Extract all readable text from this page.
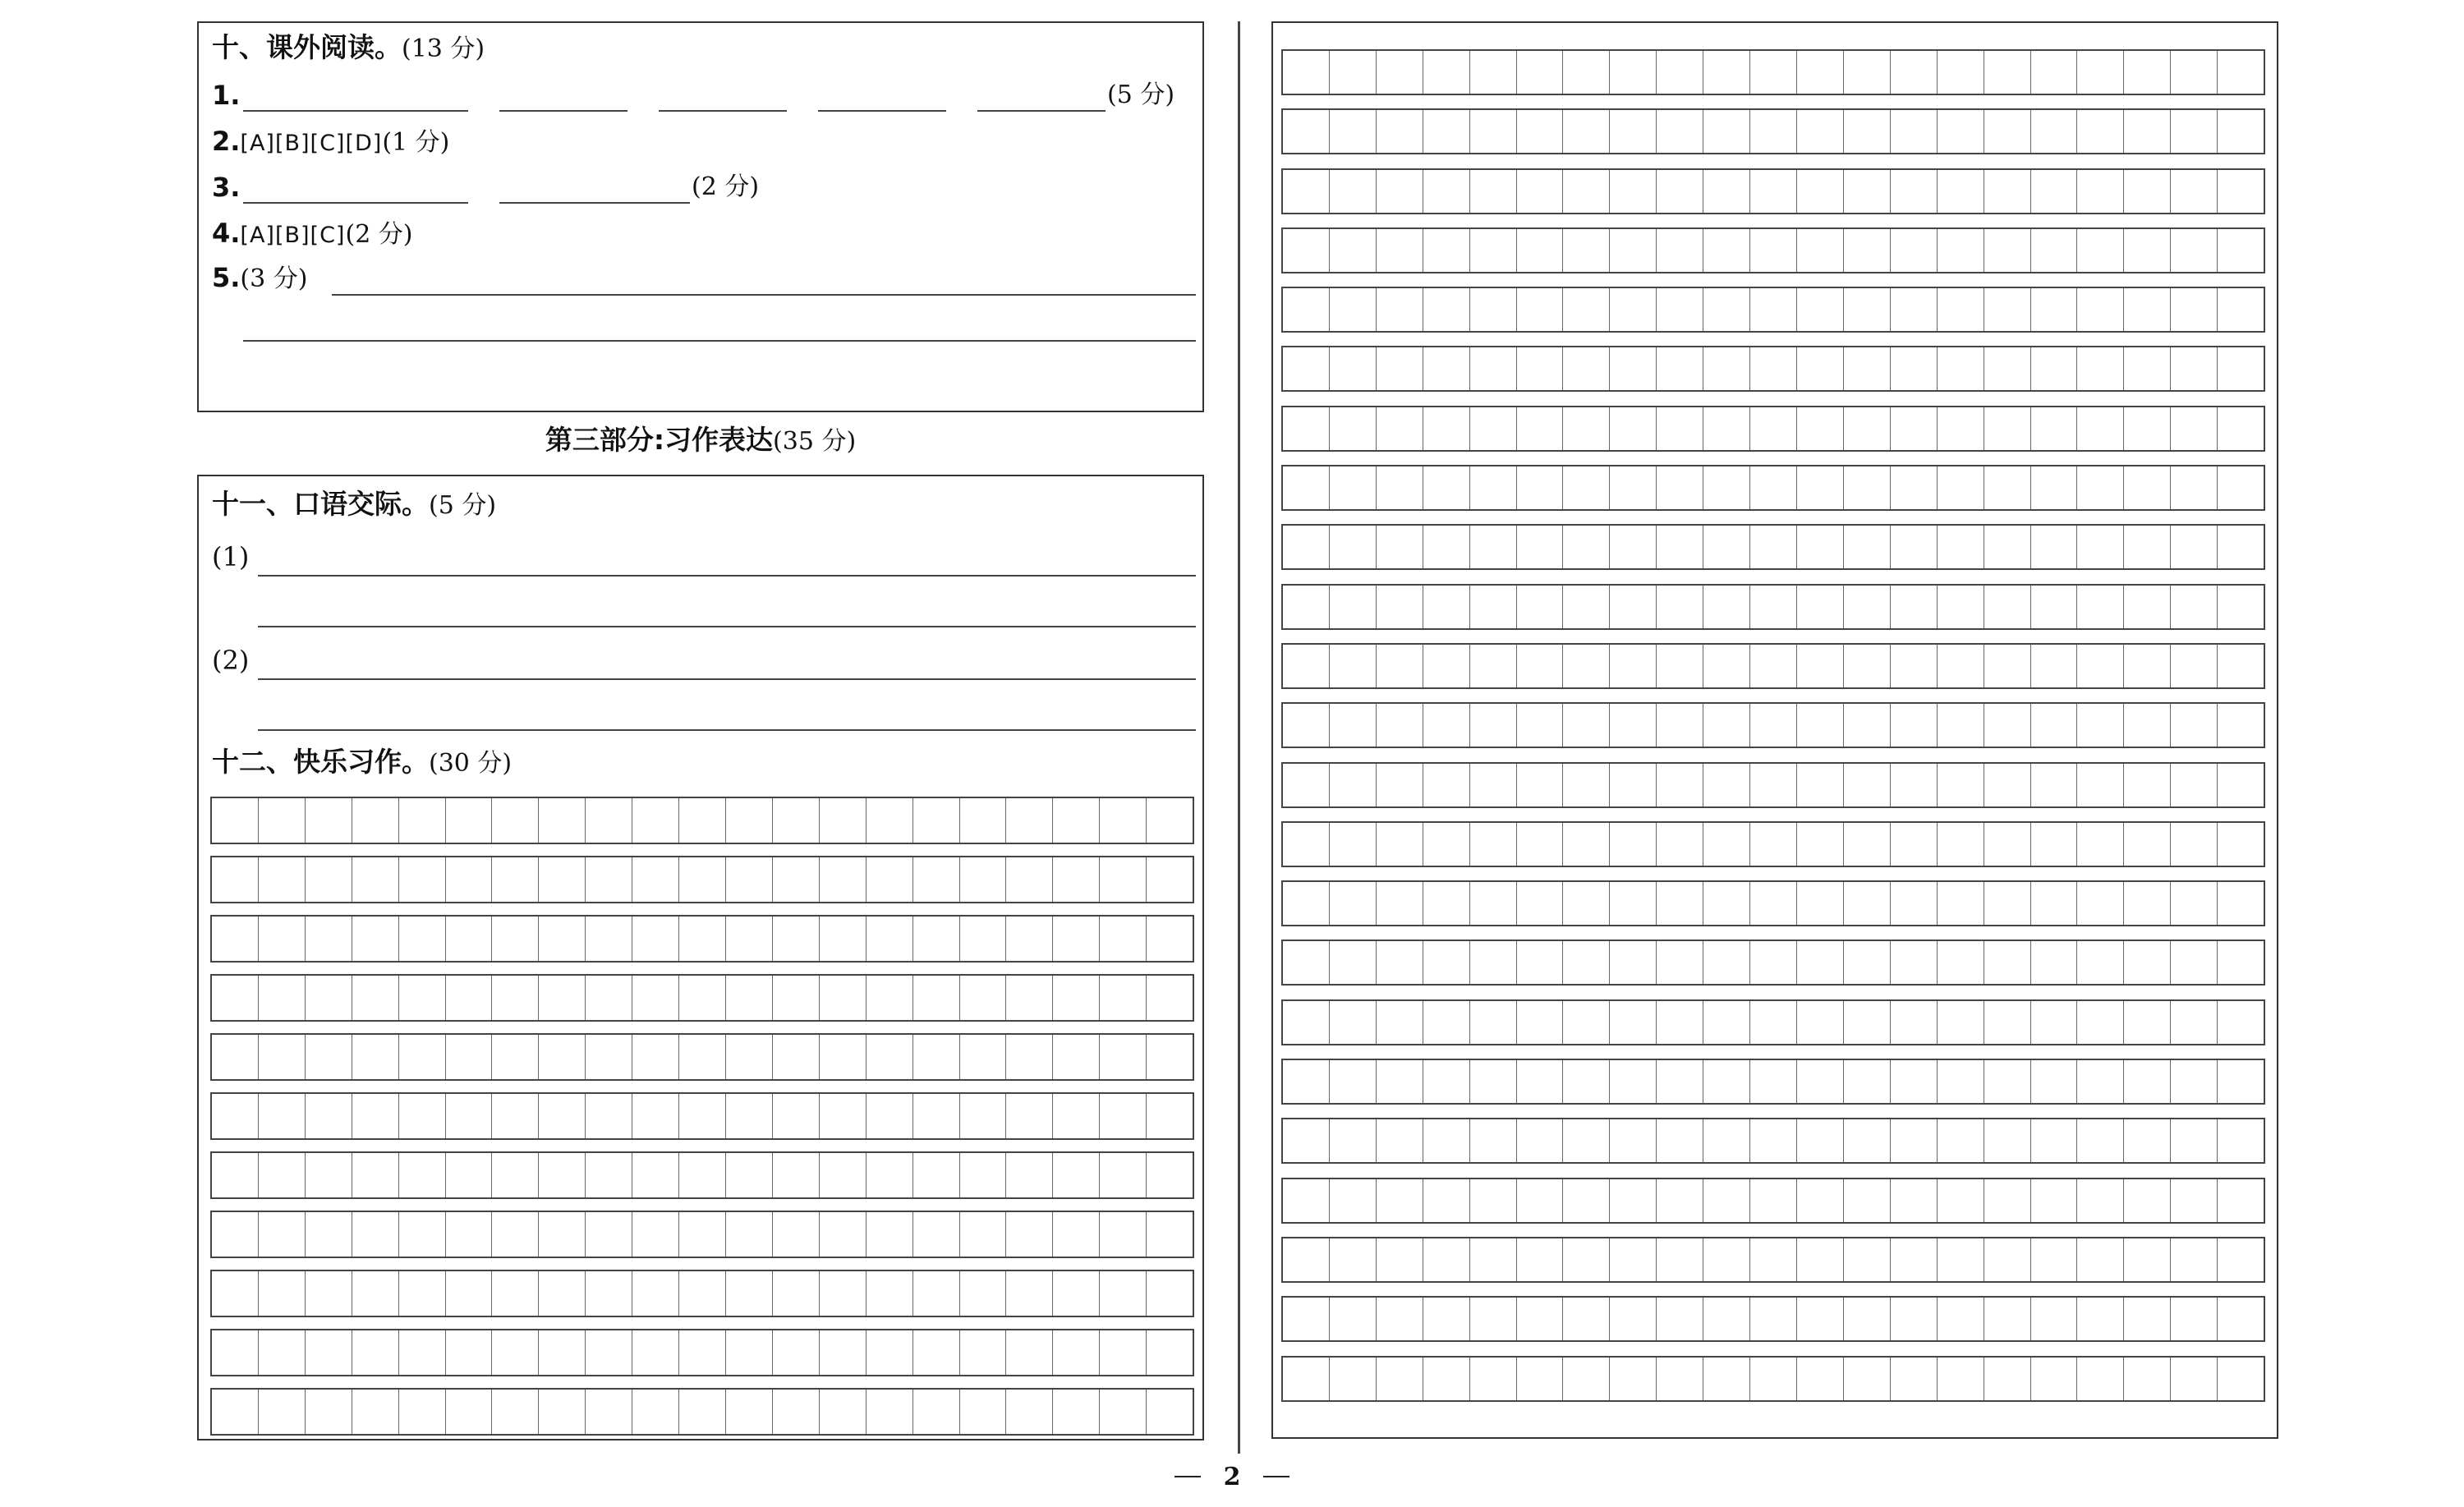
十、课外阅读。(13 分)
1.	(5 分)
2.[A][B][C][D](1 分)
3.	(2 分)
4.[A][B][C](2 分)
5.(3 分)
第三部分:习作表达(35 分)
十一、口语交际。(5 分)
(1)
(2)
十二、快乐习作。(30 分)
2
